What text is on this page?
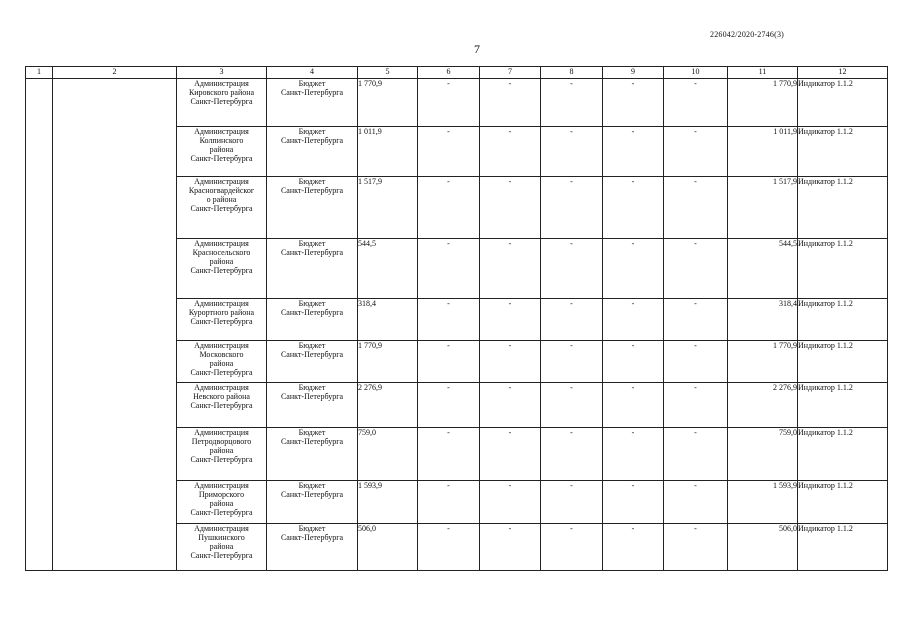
226042/2020-2746(3)
7
1	2	3	4	5	6	7	8	9	10	11	12

		Администрация
Кировского района
Санкт-Петербурга	Бюджет
Санкт-Петербурга	1 770,9	-	-	-	-	-	1 770,9	Индикатор 1.1.2

		Администрация
Колпинского
района
Санкт-Петербурга	Бюджет
Санкт-Петербурга	1 011,9	-	-	-	-	-	1 011,9	Индикатор 1.1.2

		Администрация
Красногвардейског
о района
Санкт-Петербурга	Бюджет
Санкт-Петербурга	1 517,9	-	-	-	-	-	1 517,9	Индикатор 1.1.2

		Администрация
Красносельского
района
Санкт-Петербурга	Бюджет
Санкт-Петербурга	544,5	-	-	-	-	-	544,5	Индикатор 1.1.2

		Администрация
Курортного района
Санкт-Петербурга	Бюджет
Санкт-Петербурга	318,4	-	-	-	-	-	318,4	Индикатор 1.1.2

		Администрация
Московского
района
Санкт-Петербурга	Бюджет
Санкт-Петербурга	1 770,9	-	-	-	-	-	1 770,9	Индикатор 1.1.2

		Администрация
Невского района
Санкт-Петербурга	Бюджет
Санкт-Петербурга	2 276,9	-	-	-	-	-	2 276,9	Индикатор 1.1.2

		Администрация
Петродворцового
района
Санкт-Петербурга	Бюджет
Санкт-Петербурга	759,0	-	-	-	-	-	759,0	Индикатор 1.1.2

		Администрация
Приморского
района
Санкт-Петербурга	Бюджет
Санкт-Петербурга	1 593,9	-	-	-	-	-	1 593,9	Индикатор 1.1.2

		Администрация
Пушкинского
района
Санкт-Петербурга	Бюджет
Санкт-Петербурга	506,0	-	-	-	-	-	506,0	Индикатор 1.1.2
